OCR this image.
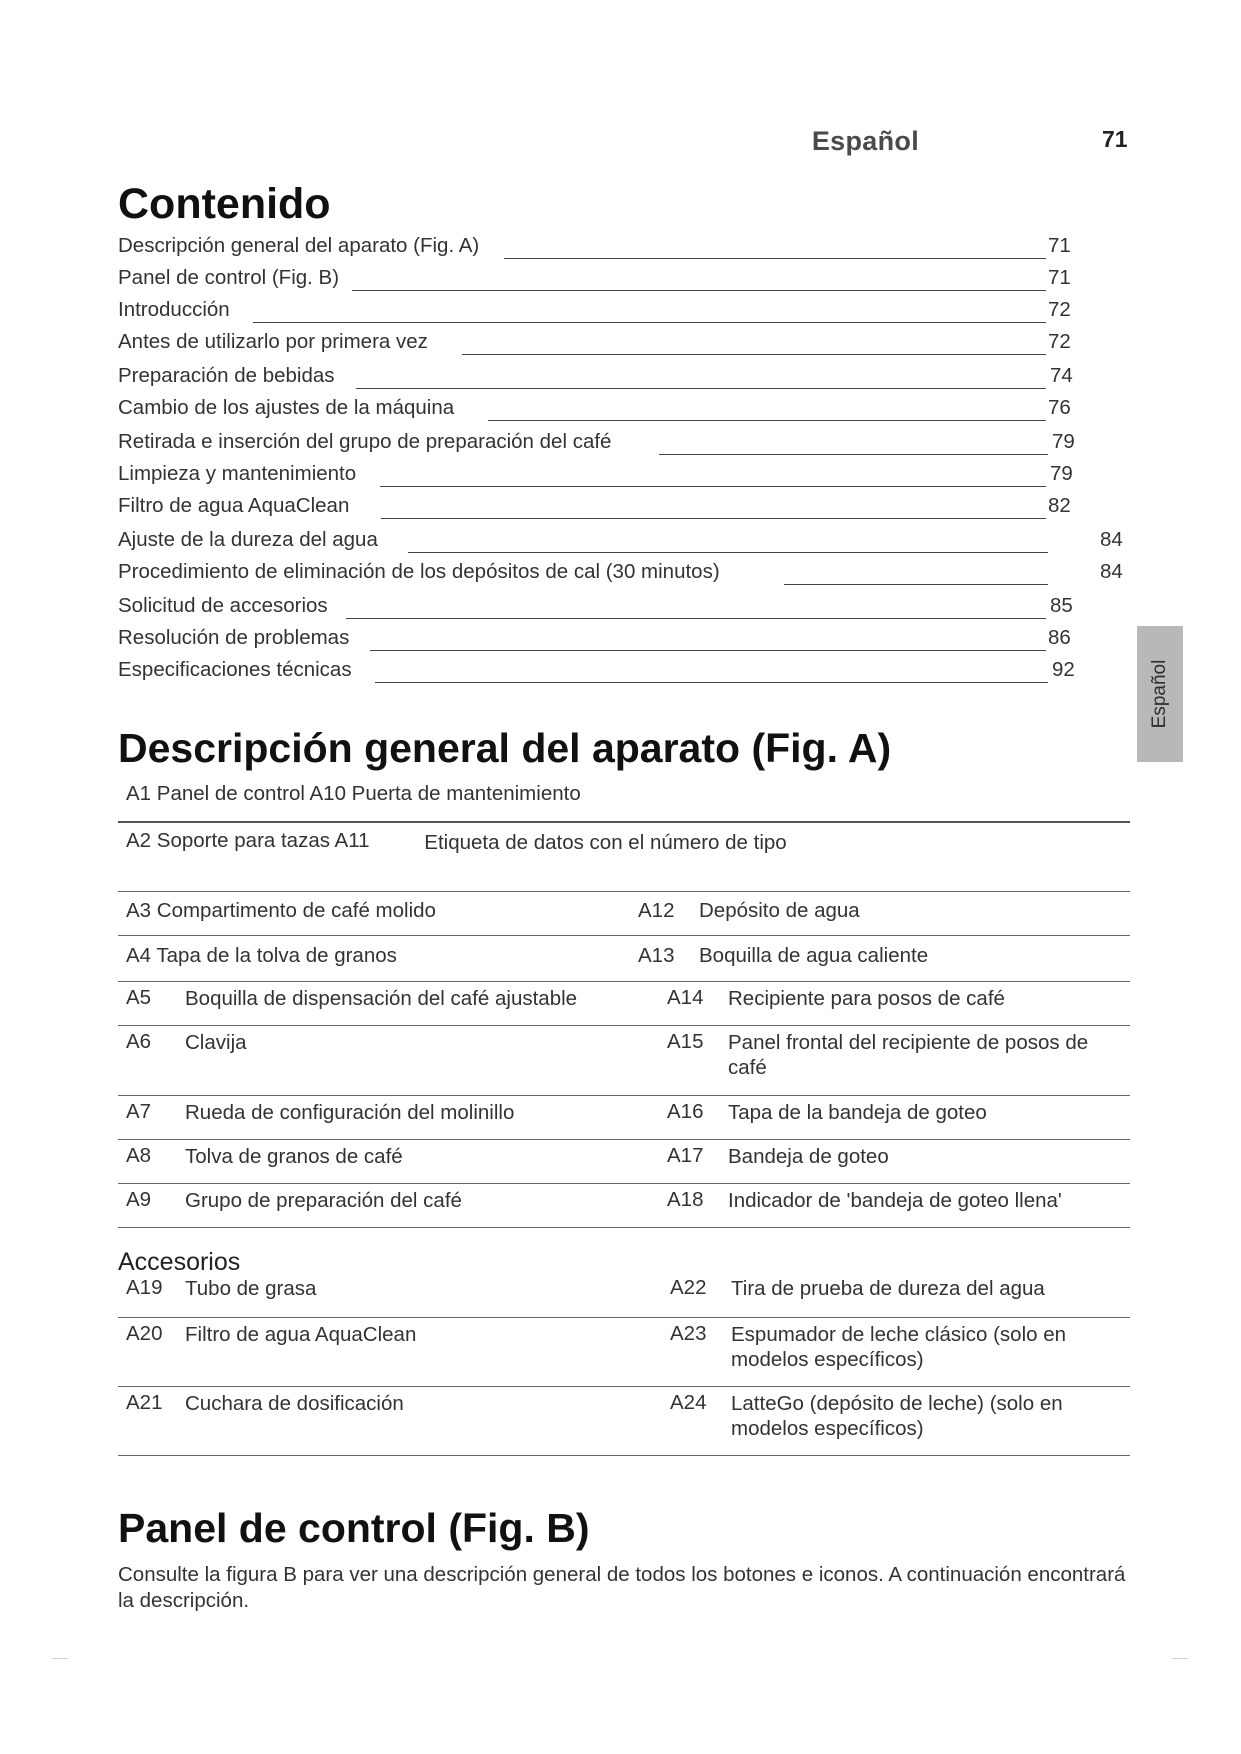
Español	71
Español
Contenido
Descripción general del aparato (Fig. A)	71
Panel de control (Fig. B)	71
Introducción	72
Antes de utilizarlo por primera vez	72
Preparación de bebidas	74
Cambio de los ajustes de la máquina	76
Retirada e inserción del grupo de preparación del café	79
Limpieza y mantenimiento	79
Filtro de agua AquaClean	82
Ajuste de la dureza del agua	84
Procedimiento de eliminación de los depósitos de cal (30 minutos)	84
Solicitud de accesorios	85
Resolución de problemas	86
Especificaciones técnicas	92
Descripción general del aparato (Fig. A)
A1 Panel de control A10 Puerta de mantenimiento
A2 Soporte para tazas A11	Etiqueta de datos con el número de tipo
A3 Compartimento de café molido	A12 Depósito de agua
A4 Tapa de la tolva de granos	A13 Boquilla de agua caliente
A5 Boquilla de dispensación del café ajustable	A14 Recipiente para posos de café
A6 Clavija	A15 Panel frontal del recipiente de posos de café
A7 Rueda de configuración del molinillo	A16 Tapa de la bandeja de goteo
A8 Tolva de granos de café	A17 Bandeja de goteo
A9 Grupo de preparación del café	A18 Indicador de 'bandeja de goteo llena'
Accesorios
A19 Tubo de grasa	A22 Tira de prueba de dureza del agua
A20 Filtro de agua AquaClean	A23 Espumador de leche clásico (solo en modelos específicos)
A21 Cuchara de dosificación	A24 LatteGo (depósito de leche) (solo en modelos específicos)
Panel de control (Fig. B)
Consulte la figura B para ver una descripción general de todos los botones e iconos. A continuación encontrará la descripción.
